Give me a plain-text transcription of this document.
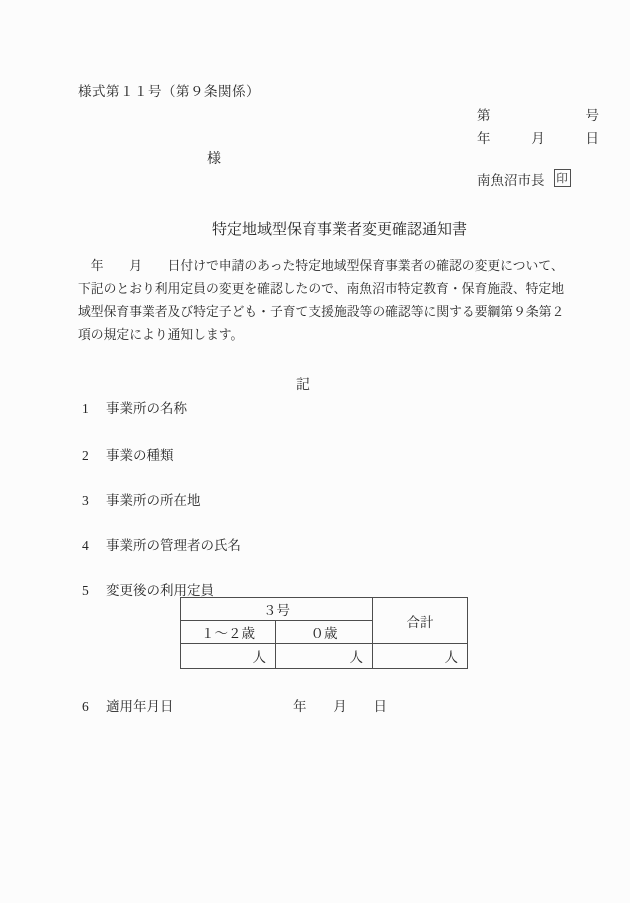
様式第１１号（第９条関係）
第	号
年	月	日
様
南魚沼市長 印
特定地域型保育事業者変更確認通知書
　年　　月　　日付けで申請のあった特定地域型保育事業者の確認の変更について、
下記のとおり利用定員の変更を確認したので、南魚沼市特定教育・保育施設、特定地
域型保育事業者及び特定子ども・子育て支援施設等の確認等に関する要綱第９条第２
項の規定により通知します。
記
1 事業所の名称
2 事業の種類
3 事業所の所在地
4 事業所の管理者の氏名
5 変更後の利用定員
３号		合計
１～２歳	０歳	
人	人	人
6 適用年月日	年 月 日
